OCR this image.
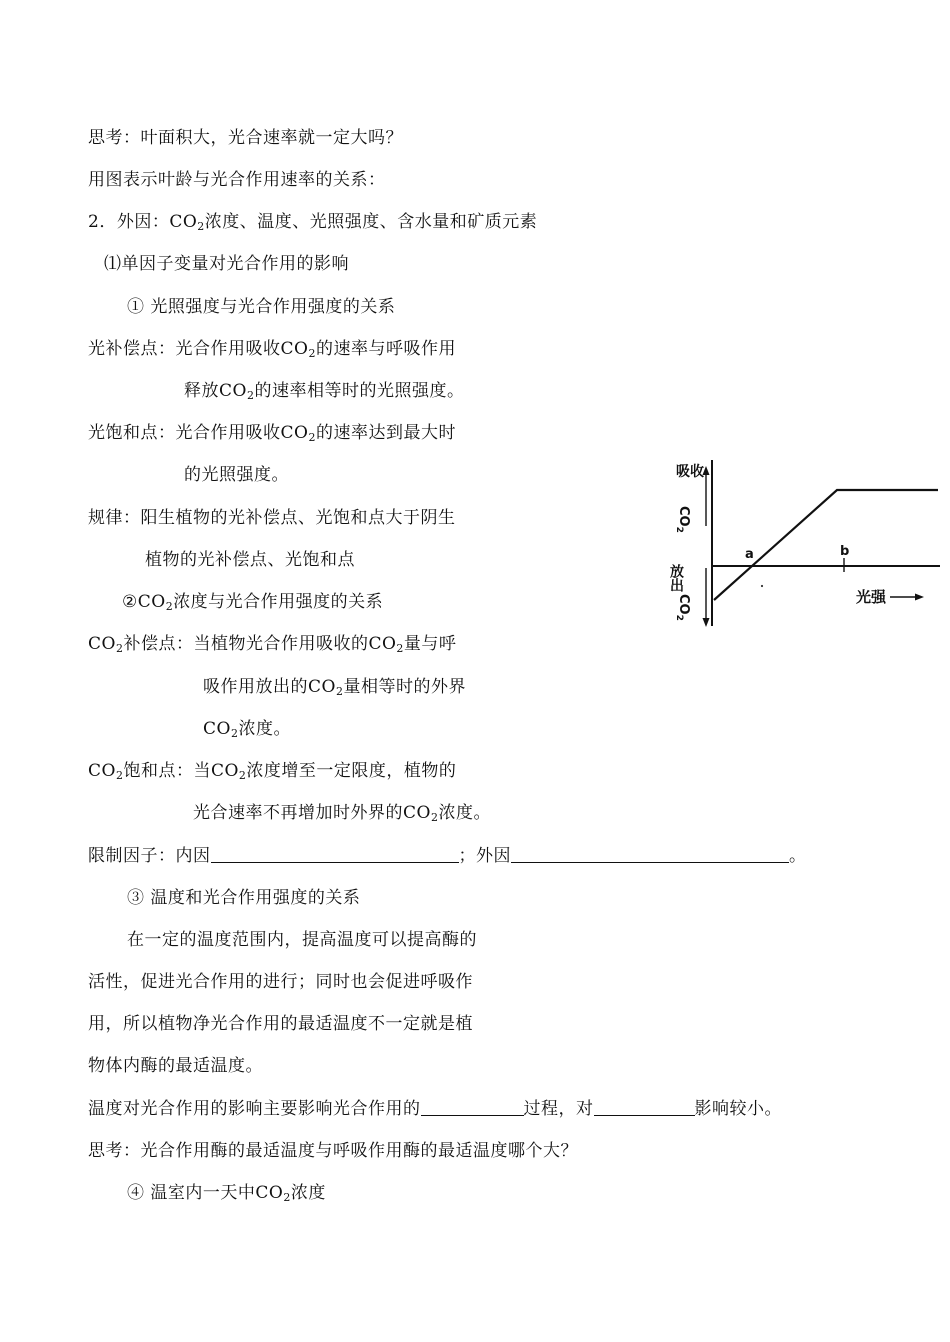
思考：叶面积大，光合速率就一定大吗？
用图表示叶龄与光合作用速率的关系：
2．外因：$CO_2$浓度、温度、光照强度、含水量和矿质元素
⑴单因子变量对光合作用的影响
① 光照强度与光合作用强度的关系
光补偿点：光合作用吸收$CO_2$的速率与呼吸作用
释放$CO_2$的速率相等时的光照强度。
光饱和点：光合作用吸收$CO_2$的速率达到最大时
的光照强度。
规律：阳生植物的光补偿点、光饱和点大于阴生
植物的光补偿点、光饱和点
$②CO_2$浓度与光合作用强度的关系
$CO_2$补偿点：当植物光合作用吸收的$CO_2$量与呼
吸作用放出的$CO_2$量相等时的外界
$CO_2$浓度。
$CO_2$饱和点：当$CO_2$浓度增至一定限度，植物的
光合速率不再增加时外界的$CO_2$浓度。
限制因子：内因	；外因	。
③ 温度和光合作用强度的关系
在一定的温度范围内，提高温度可以提高酶的
活性，促进光合作用的进行；同时也会促进呼吸作
用，所以植物净光合作用的最适温度不一定就是植
物体内酶的最适温度。
温度对光合作用的影响主要影响光合作用的	过程，对	影响较小。
思考：光合作用酶的最适温度与呼吸作用酶的最适温度哪个大？
④ 温室内一天中$CO_2$浓度
吸收
$CO_2$
放出
$CO_2$
a	b
光强
